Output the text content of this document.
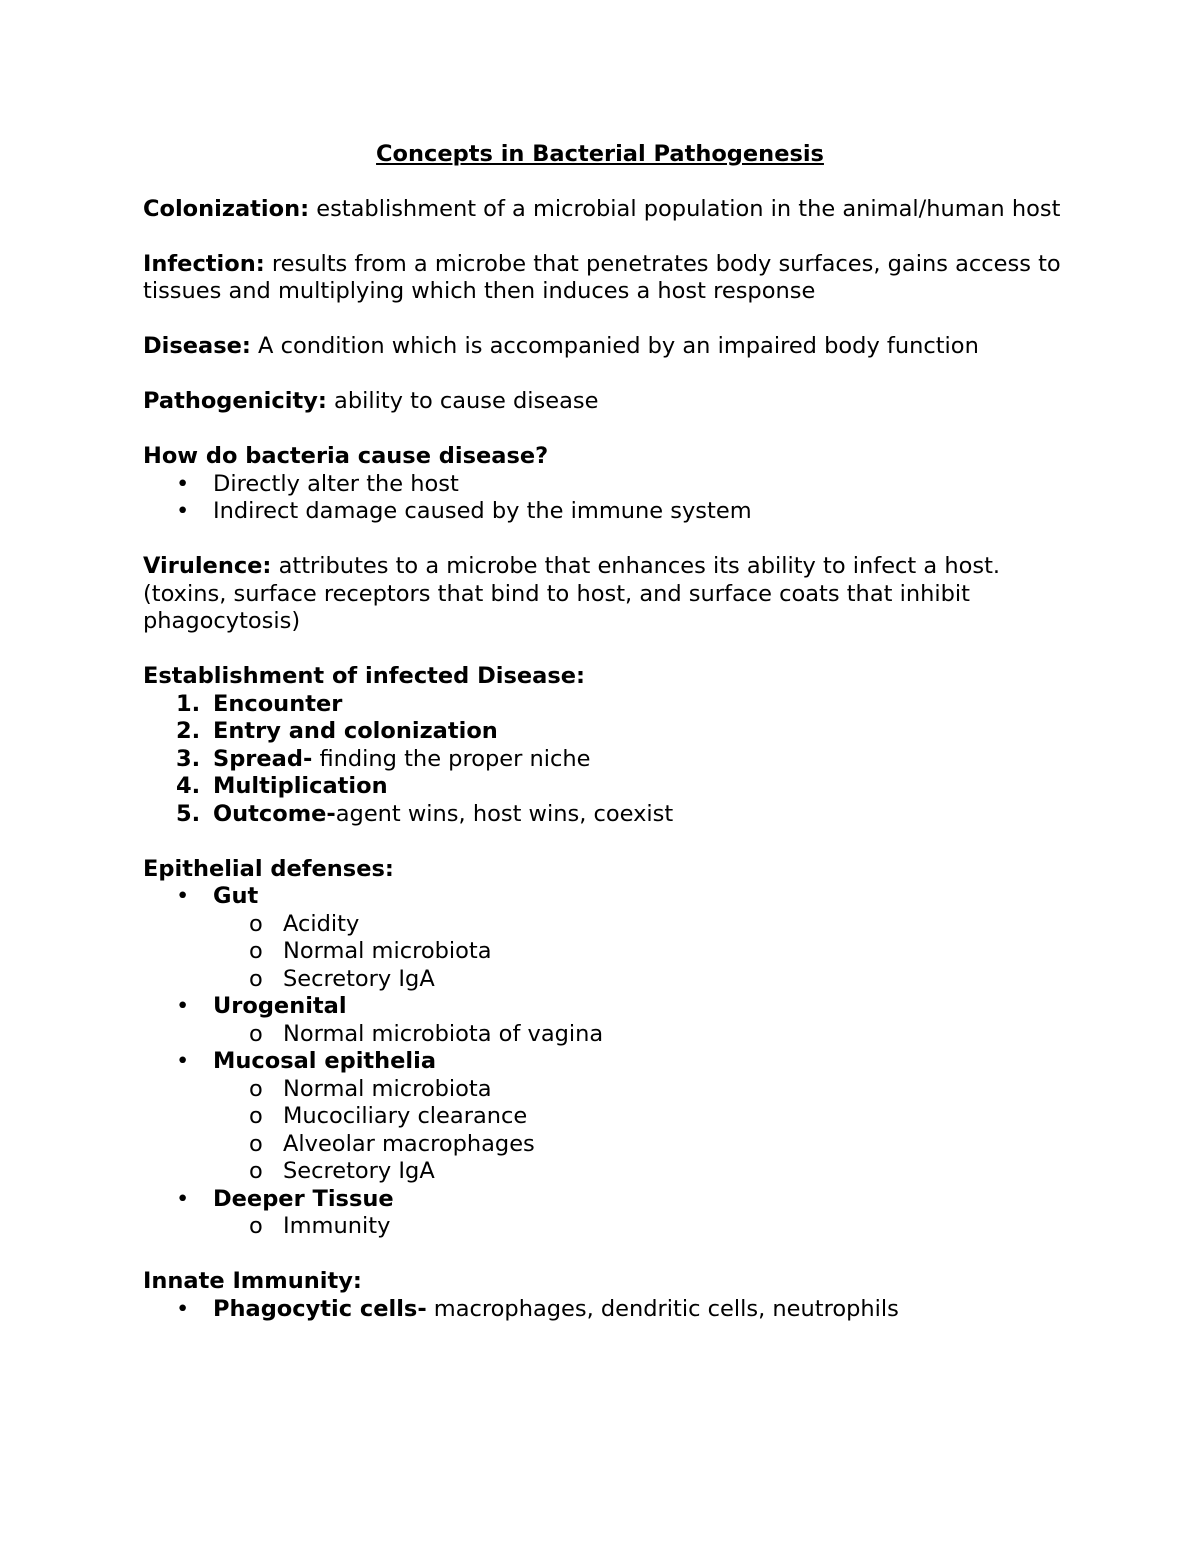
Concepts in Bacterial Pathogenesis

Colonization: establishment of a microbial population in the animal/human host

Infection: results from a microbe that penetrates body surfaces, gains access to tissues and multiplying which then induces a host response

Disease: A condition which is accompanied by an impaired body function

Pathogenicity: ability to cause disease

How do bacteria cause disease?
• Directly alter the host
• Indirect damage caused by the immune system

Virulence: attributes to a microbe that enhances its ability to infect a host. (toxins, surface receptors that bind to host, and surface coats that inhibit phagocytosis)

Establishment of infected Disease:
1. Encounter
2. Entry and colonization
3. Spread- finding the proper niche
4. Multiplication
5. Outcome-agent wins, host wins, coexist
Epithelial defenses:
• Gut
o Acidity
o Normal microbiota
o Secretory IgA
• Urogenital
o Normal microbiota of vagina
• Mucosal epithelia
o Normal microbiota
o Mucociliary clearance
o Alveolar macrophages
o Secretory IgA
• Deeper Tissue
o Immunity
Innate Immunity:
• Phagocytic cells- macrophages, dendritic cells, neutrophils
